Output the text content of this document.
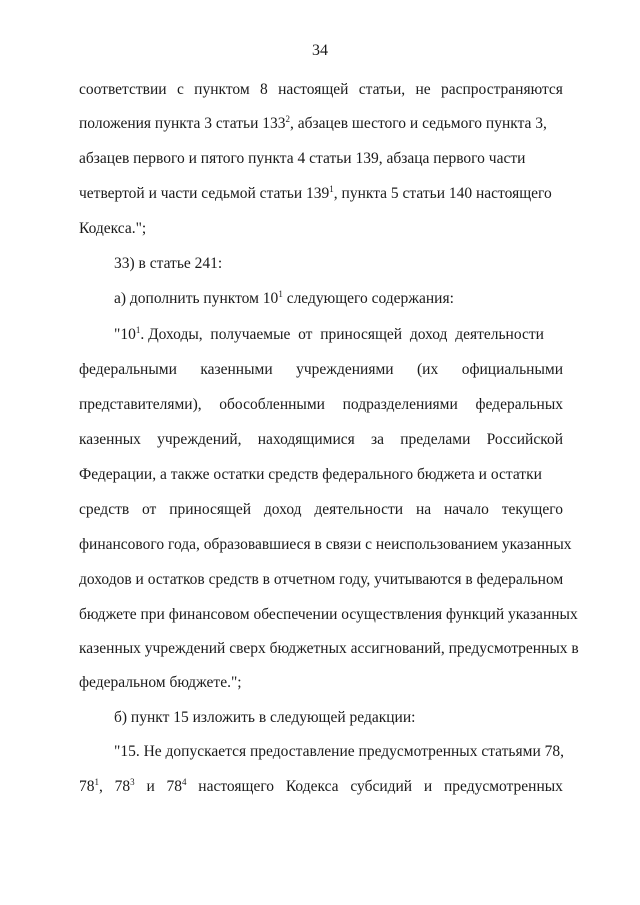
34
соответствии с пунктом 8 настоящей статьи, не распространяются
положения пункта 3 статьи $133^2$, абзацев шестого и седьмого пункта 3,
абзацев первого и пятого пункта 4 статьи 139, абзаца первого части
четвертой и части седьмой статьи $139^1$, пункта 5 статьи 140 настоящего
Кодекса.";
33) в статье 241:
а) дополнить пунктом $10^1$ следующего содержания:
"$10^1$. Доходы,  получаемые  от  приносящей  доход  деятельности
федеральными казенными учреждениями (их официальными
представителями), обособленными подразделениями федеральных
казенных учреждений, находящимися за пределами Российской
Федерации, а также остатки средств федерального бюджета и остатки
средств от приносящей доход деятельности на начало текущего
финансового года, образовавшиеся в связи с неиспользованием указанных
доходов и остатков средств в отчетном году, учитываются в федеральном
бюджете при финансовом обеспечении осуществления функций указанных
казенных учреждений сверх бюджетных ассигнований, предусмотренных в
федеральном бюджете.";
б) пункт 15 изложить в следующей редакции:
"15. Не допускается предоставление предусмотренных статьями 78,
$78^1$, $78^3$ и $78^4$ настоящего Кодекса субсидий и предусмотренных
